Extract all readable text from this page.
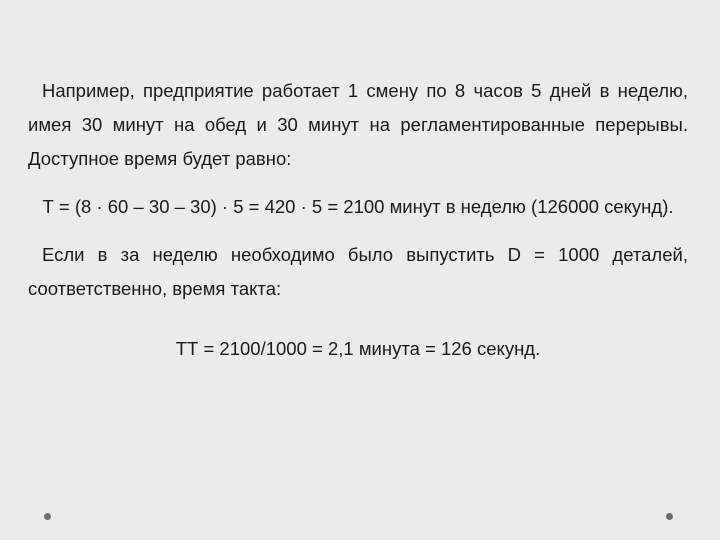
Например, предприятие работает 1 смену по 8 часов 5 дней в неделю, имея 30 минут на обед и 30 минут на регламентированные перерывы. Доступное время будет равно:

Т = (8 · 60 – 30 – 30) · 5 = 420 · 5 = 2100 минут в неделю (126000 секунд).

Если в за неделю необходимо было выпустить D = 1000 деталей, соответственно, время такта:

ТТ = 2100/1000 = 2,1 минута = 126 секунд.
